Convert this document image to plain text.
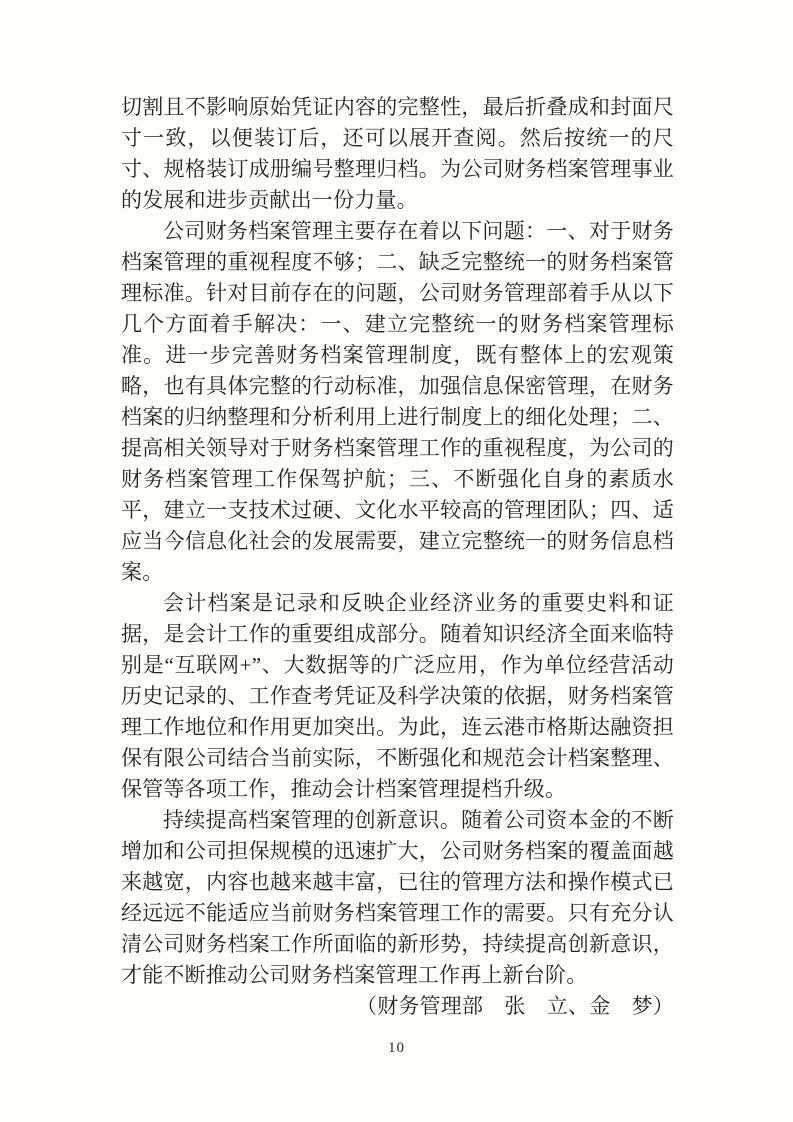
切割且不影响原始凭证内容的完整性，最后折叠成和封面尺寸一致，以便装订后，还可以展开查阅。然后按统一的尺寸、规格装订成册编号整理归档。为公司财务档案管理事业的发展和进步贡献出一份力量。

公司财务档案管理主要存在着以下问题：一、对于财务档案管理的重视程度不够；二、缺乏完整统一的财务档案管理标准。针对目前存在的问题，公司财务管理部着手从以下几个方面着手解决：一、建立完整统一的财务档案管理标准。进一步完善财务档案管理制度，既有整体上的宏观策略，也有具体完整的行动标准，加强信息保密管理，在财务档案的归纳整理和分析利用上进行制度上的细化处理；二、提高相关领导对于财务档案管理工作的重视程度，为公司的财务档案管理工作保驾护航；三、不断强化自身的素质水平，建立一支技术过硬、文化水平较高的管理团队；四、适应当今信息化社会的发展需要，建立完整统一的财务信息档案。

会计档案是记录和反映企业经济业务的重要史料和证据，是会计工作的重要组成部分。随着知识经济全面来临特别是“互联网+”、大数据等的广泛应用，作为单位经营活动历史记录的、工作查考凭证及科学决策的依据，财务档案管理工作地位和作用更加突出。为此，连云港市格斯达融资担保有限公司结合当前实际，不断强化和规范会计档案整理、保管等各项工作，推动会计档案管理提档升级。

持续提高档案管理的创新意识。随着公司资本金的不断增加和公司担保规模的迅速扩大，公司财务档案的覆盖面越来越宽，内容也越来越丰富，已往的管理方法和操作模式已经远远不能适应当前财务档案管理工作的需要。只有充分认清公司财务档案工作所面临的新形势，持续提高创新意识，才能不断推动公司财务档案管理工作再上新台阶。

（财务管理部　张　立、金　梦）

10
